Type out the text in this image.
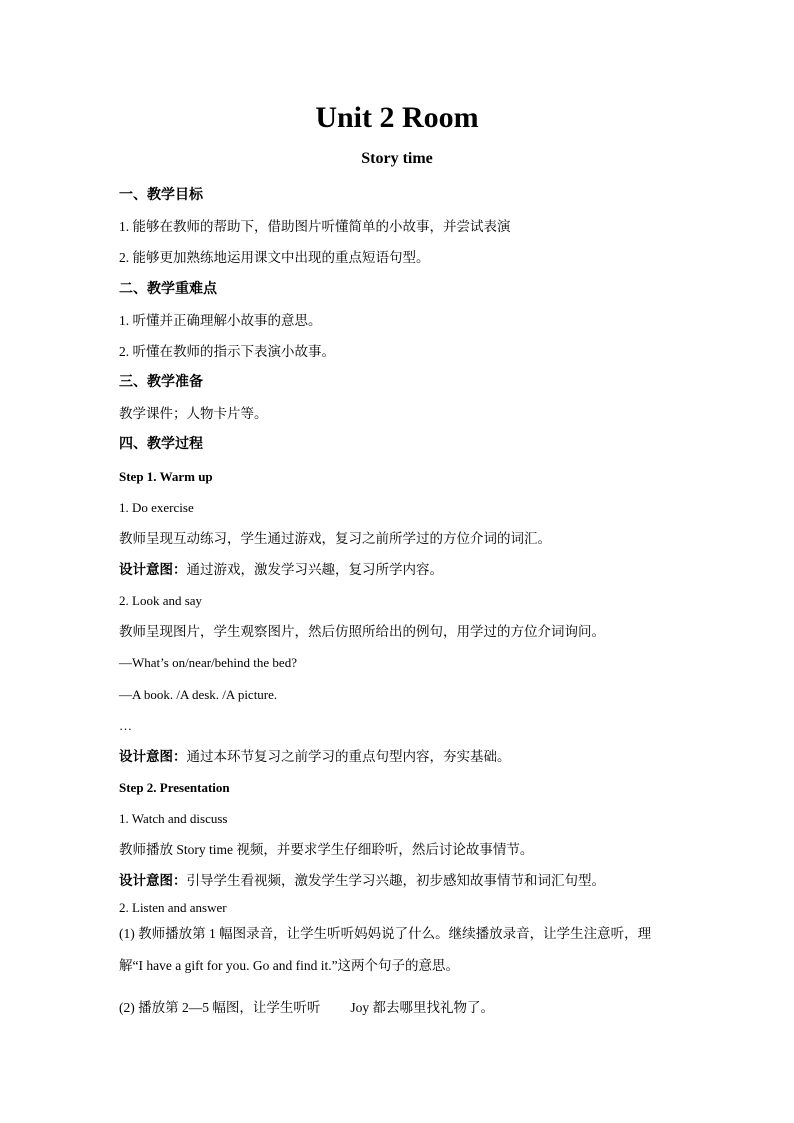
Unit 2 Room
Story time
一、教学目标
1. 能够在教师的帮助下，借助图片听懂简单的小故事，并尝试表演
2. 能够更加熟练地运用课文中出现的重点短语句型。
二、教学重难点
1. 听懂并正确理解小故事的意思。
2. 听懂在教师的指示下表演小故事。
三、教学准备
教学课件；人物卡片等。
四、教学过程
Step 1. Warm up
1. Do exercise
教师呈现互动练习，学生通过游戏，复习之前所学过的方位介词的词汇。
设计意图：通过游戏，激发学习兴趣，复习所学内容。
2. Look and say
教师呈现图片，学生观察图片，然后仿照所给出的例句，用学过的方位介词询问。
—What’s on/near/behind the bed?
—A book. /A desk. /A picture.
…
设计意图：通过本环节复习之前学习的重点句型内容，夯实基础。
Step 2. Presentation
1. Watch and discuss
教师播放 Story time 视频，并要求学生仔细聆听，然后讨论故事情节。
设计意图：引导学生看视频，激发学生学习兴趣，初步感知故事情节和词汇句型。
2. Listen and answer
(1) 教师播放第 1 幅图录音，让学生听听妈妈说了什么。继续播放录音，让学生注意听，理
解“I have a gift for you. Go and find it.”这两个句子的意思。
(2) 播放第 2—5 幅图，让学生听听 Joy 都去哪里找礼物了。
